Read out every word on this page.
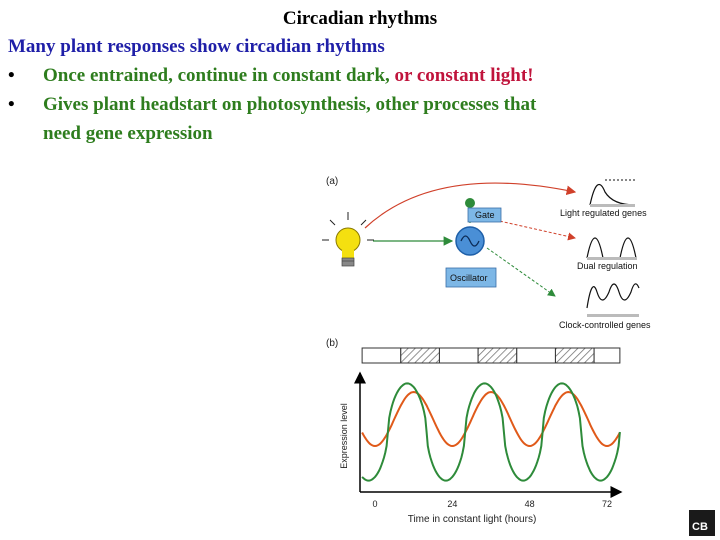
Circadian rhythms
Many plant responses show circadian rhythms
•	Once entrained, continue in constant dark, or constant light!
•	Gives plant headstart on photosynthesis, other processes that
need gene expression
(a)
Gate
Oscillator
Light regulated genes
Dual regulation
Clock-controlled genes
(b)
0	24	48	72
Expression level
Time in constant light (hours)
CB
